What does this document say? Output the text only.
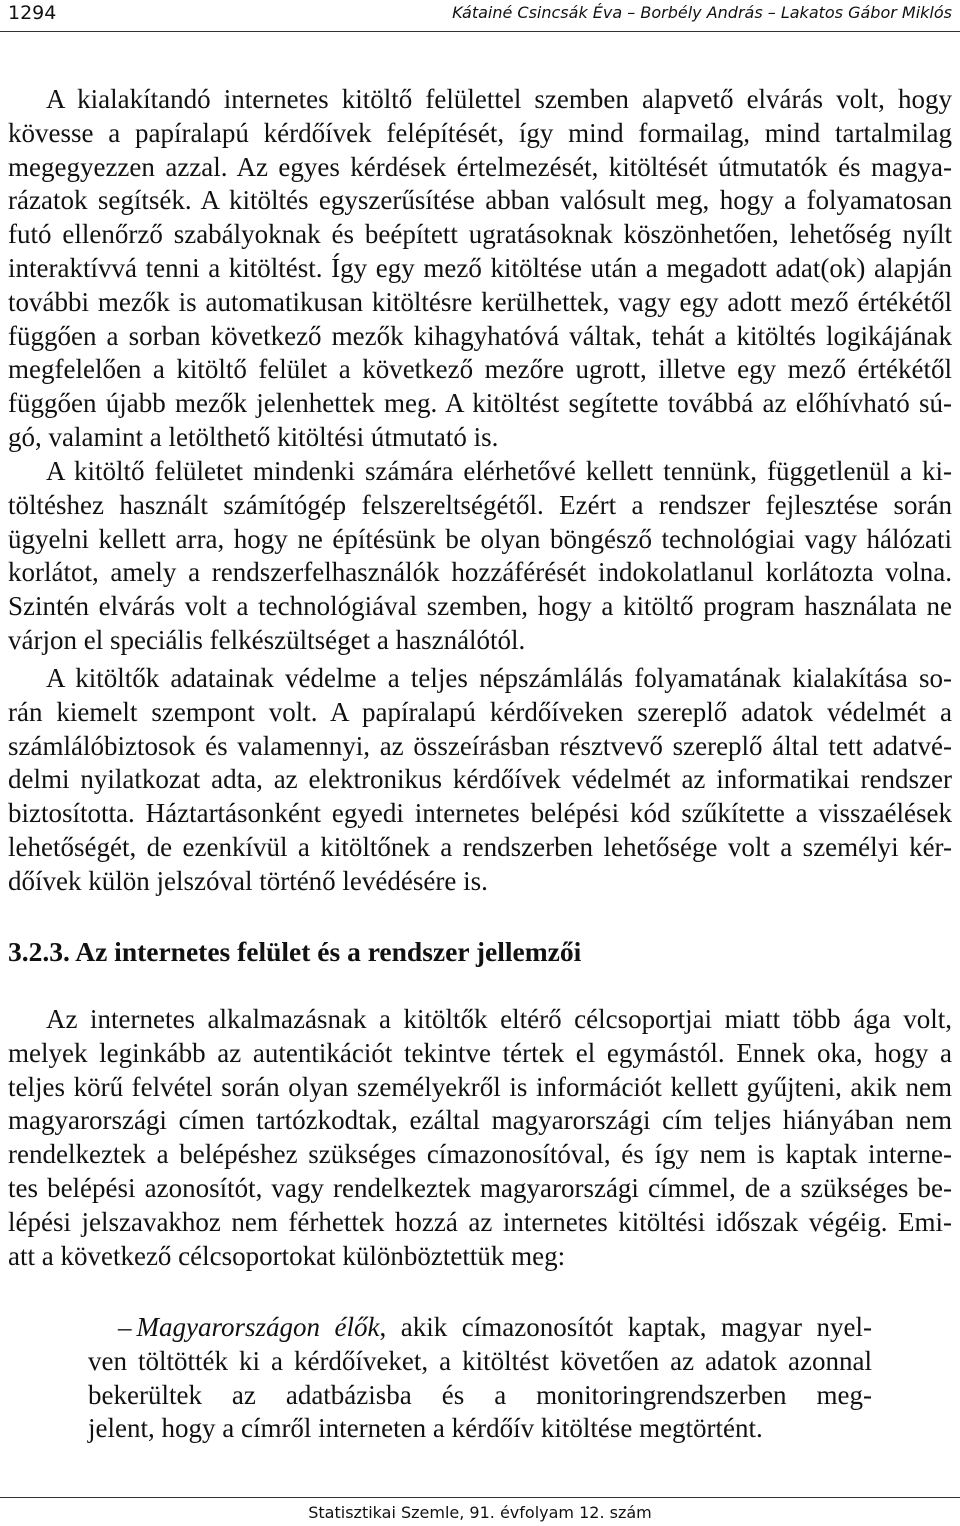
1294	Kátainé Csincsák Éva – Borbély András – Lakatos Gábor Miklós
A kialakítandó internetes kitöltő felülettel szemben alapvető elvárás volt, hogy
kövesse a papíralapú kérdőívek felépítését, így mind formailag, mind tartalmilag
megegyezzen azzal. Az egyes kérdések értelmezését, kitöltését útmutatók és magya-
rázatok segítsék. A kitöltés egyszerűsítése abban valósult meg, hogy a folyamatosan
futó ellenőrző szabályoknak és beépített ugratásoknak köszönhetően, lehetőség nyílt
interaktívvá tenni a kitöltést. Így egy mező kitöltése után a megadott adat(ok) alapján
további mezők is automatikusan kitöltésre kerülhettek, vagy egy adott mező értékétől
függően a sorban következő mezők kihagyhatóvá váltak, tehát a kitöltés logikájának
megfelelően a kitöltő felület a következő mezőre ugrott, illetve egy mező értékétől
függően újabb mezők jelenhettek meg. A kitöltést segítette továbbá az előhívható sú-
gó, valamint a letölthető kitöltési útmutató is.
A kitöltő felületet mindenki számára elérhetővé kellett tennünk, függetlenül a ki-
töltéshez használt számítógép felszereltségétől. Ezért a rendszer fejlesztése során
ügyelni kellett arra, hogy ne építésünk be olyan böngésző technológiai vagy hálózati
korlátot, amely a rendszerfelhasználók hozzáférését indokolatlanul korlátozta volna.
Szintén elvárás volt a technológiával szemben, hogy a kitöltő program használata ne
várjon el speciális felkészültséget a használótól.
A kitöltők adatainak védelme a teljes népszámlálás folyamatának kialakítása so-
rán kiemelt szempont volt. A papíralapú kérdőíveken szereplő adatok védelmét a
számlálóbiztosok és valamennyi, az összeírásban résztvevő szereplő által tett adatvé-
delmi nyilatkozat adta, az elektronikus kérdőívek védelmét az informatikai rendszer
biztosította. Háztartásonként egyedi internetes belépési kód szűkítette a visszaélések
lehetőségét, de ezenkívül a kitöltőnek a rendszerben lehetősége volt a személyi kér-
dőívek külön jelszóval történő levédésére is.
3.2.3. Az internetes felület és a rendszer jellemzői
Az internetes alkalmazásnak a kitöltők eltérő célcsoportjai miatt több ága volt,
melyek leginkább az autentikációt tekintve tértek el egymástól. Ennek oka, hogy a
teljes körű felvétel során olyan személyekről is információt kellett gyűjteni, akik nem
magyarországi címen tartózkodtak, ezáltal magyarországi cím teljes hiányában nem
rendelkeztek a belépéshez szükséges címazonosítóval, és így nem is kaptak interne-
tes belépési azonosítót, vagy rendelkeztek magyarországi címmel, de a szükséges be-
lépési jelszavakhoz nem férhettek hozzá az internetes kitöltési időszak végéig. Emi-
att a következő célcsoportokat különböztettük meg:
– Magyarországon élők, akik címazonosítót kaptak, magyar nyel-
ven töltötték ki a kérdőíveket, a kitöltést követően az adatok azonnal
bekerültek az adatbázisba és a monitoringrendszerben meg-
jelent, hogy a címről interneten a kérdőív kitöltése megtörtént.
Statisztikai Szemle, 91. évfolyam 12. szám
